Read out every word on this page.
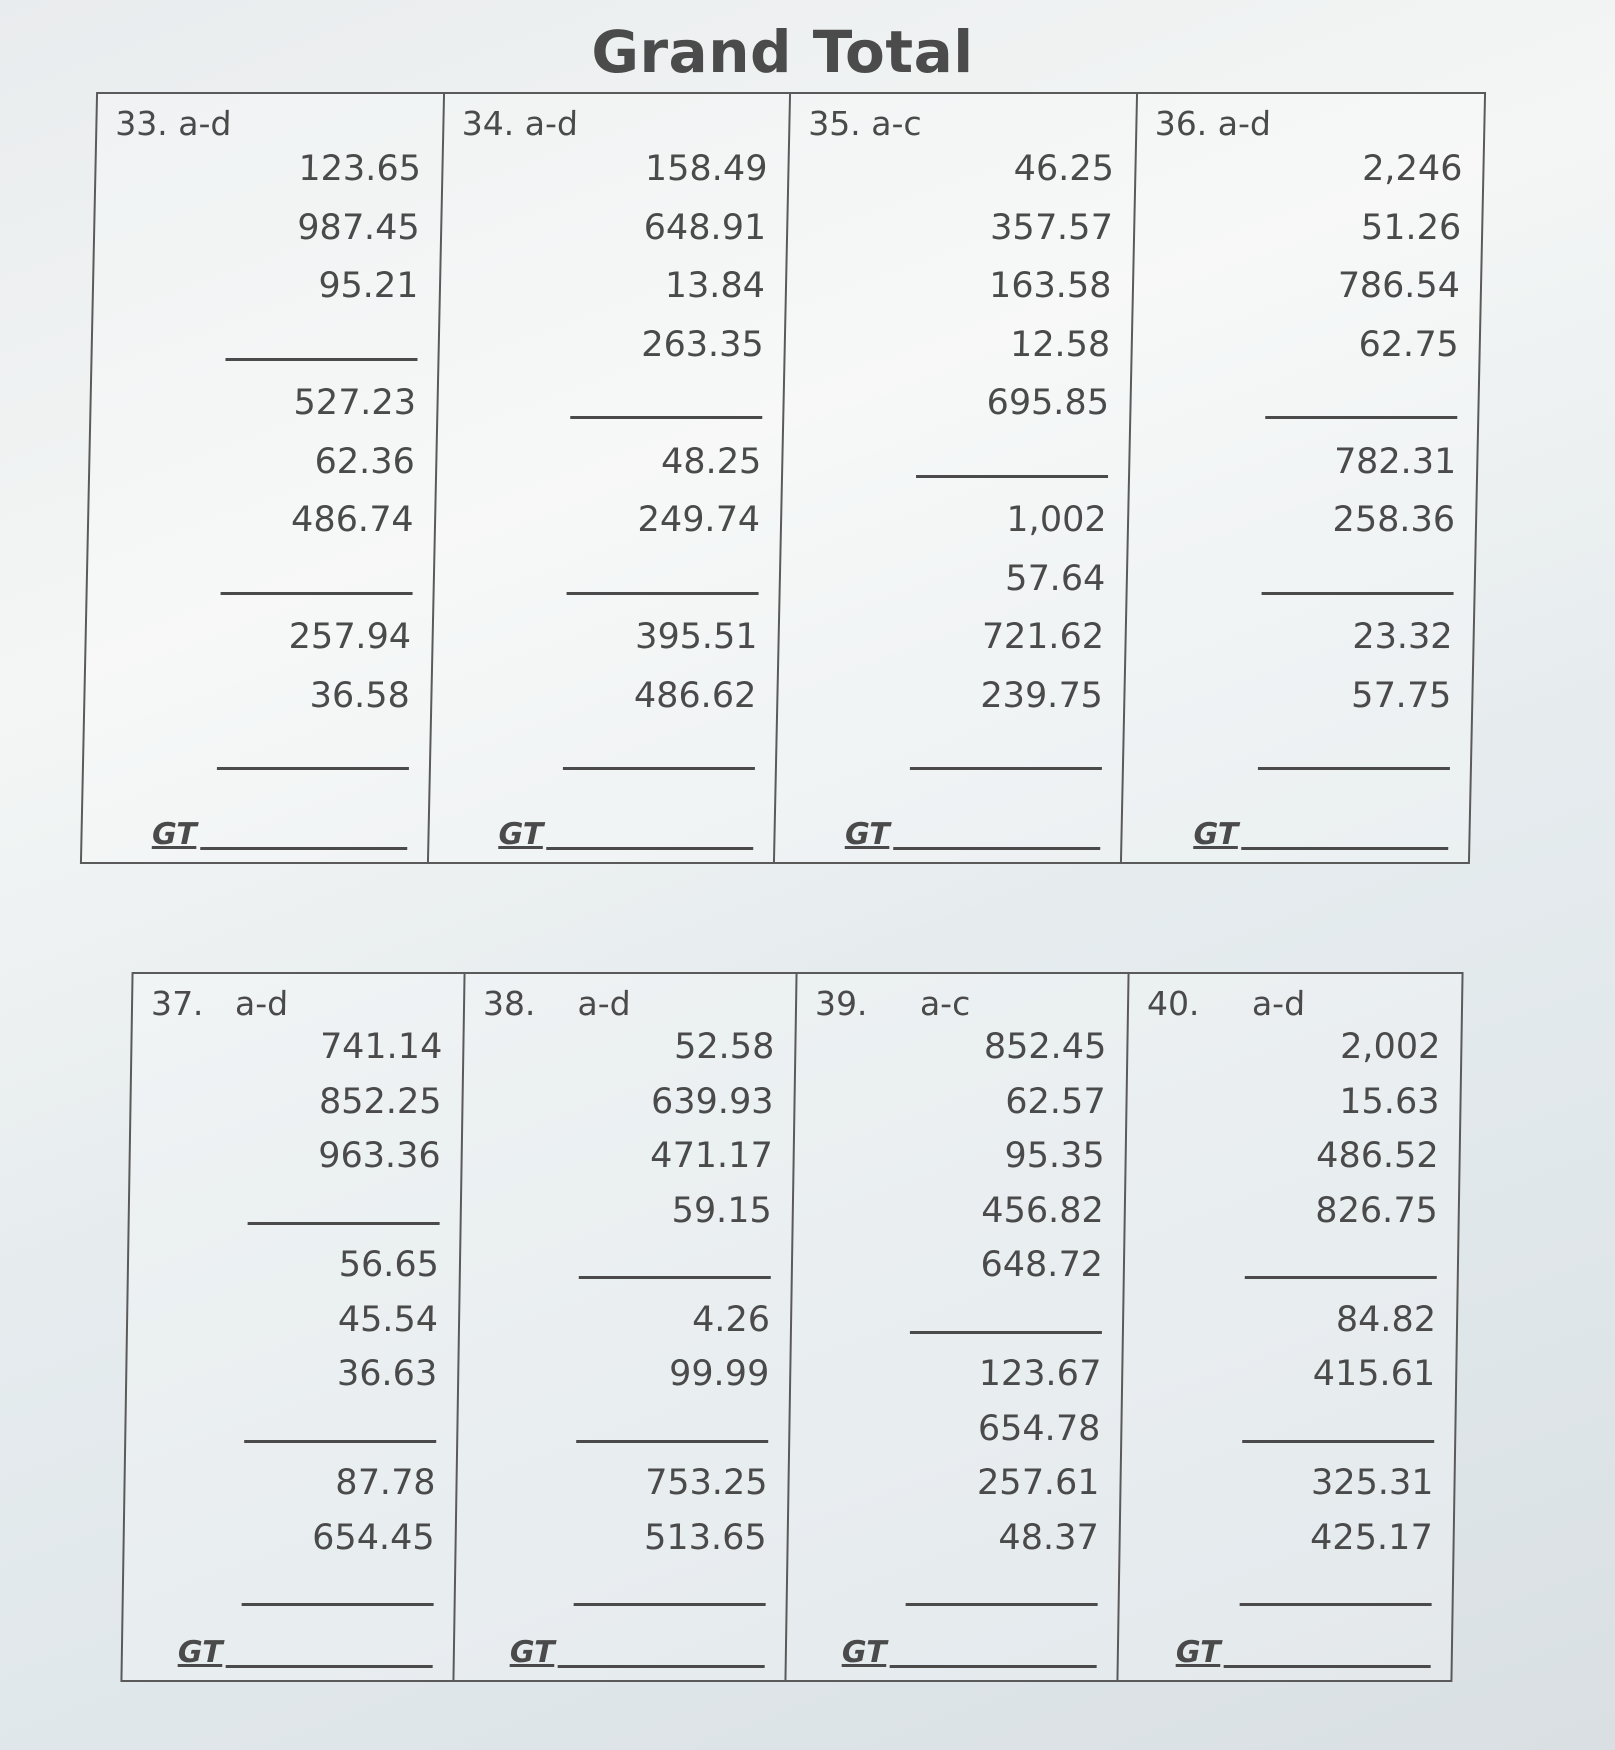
Grand Total
33. a-d
123.65
987.45
95.21
527.23
62.36
486.74
257.94
36.58
GT
34. a-d
158.49
648.91
13.84
263.35
48.25
249.74
395.51
486.62
GT
35. a-c
46.25
357.57
163.58
12.58
695.85
1,002
57.64
721.62
239.75
GT
36. a-d
2,246
51.26
786.54
62.75
782.31
258.36
23.32
57.75
GT
37.   a-d
741.14
852.25
963.36
56.65
45.54
36.63
87.78
654.45
GT
38.    a-d
52.58
639.93
471.17
59.15
4.26
99.99
753.25
513.65
GT
39.     a-c
852.45
62.57
95.35
456.82
648.72
123.67
654.78
257.61
48.37
GT
40.     a-d
2,002
15.63
486.52
826.75
84.82
415.61
325.31
425.17
GT
